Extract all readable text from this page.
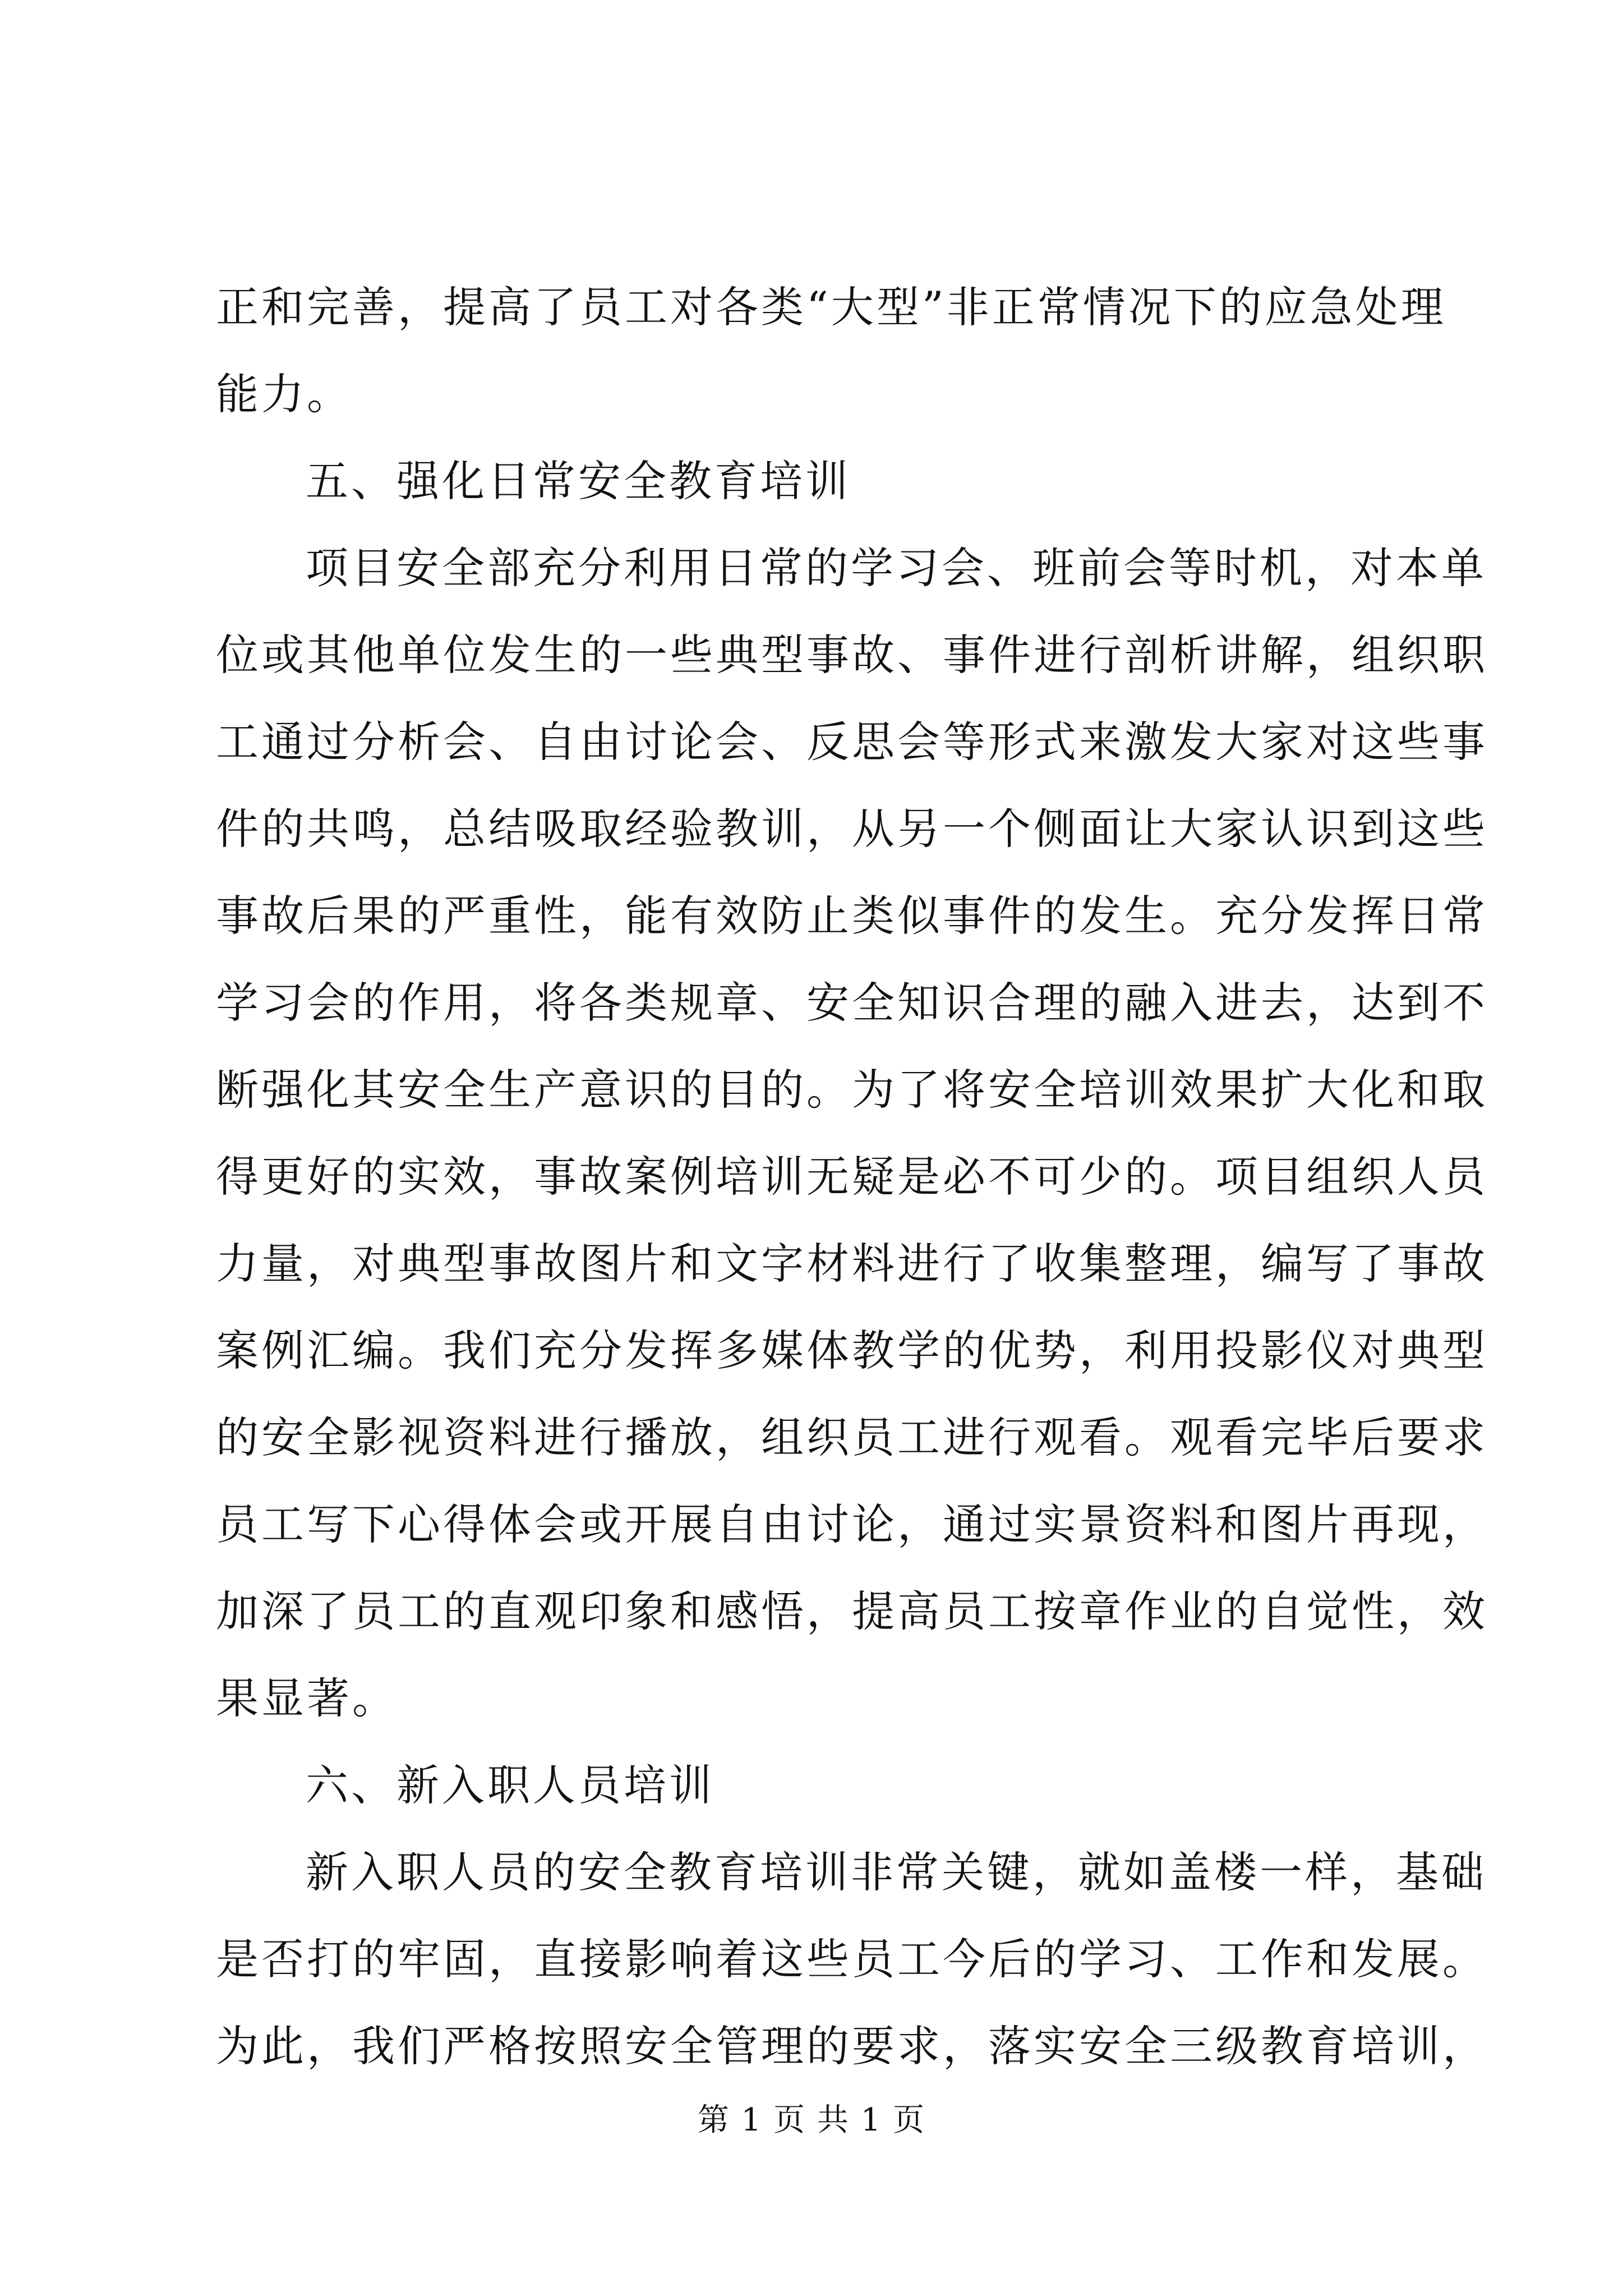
正和完善，提高了员工对各类“大型”非正常情况下的应急处理
能力。
五、强化日常安全教育培训
项目安全部充分利用日常的学习会、班前会等时机，对本单
位或其他单位发生的一些典型事故、事件进行剖析讲解，组织职
工通过分析会、自由讨论会、反思会等形式来激发大家对这些事
件的共鸣，总结吸取经验教训，从另一个侧面让大家认识到这些
事故后果的严重性，能有效防止类似事件的发生。充分发挥日常
学习会的作用，将各类规章、安全知识合理的融入进去，达到不
断强化其安全生产意识的目的。为了将安全培训效果扩大化和取
得更好的实效，事故案例培训无疑是必不可少的。项目组织人员
力量，对典型事故图片和文字材料进行了收集整理，编写了事故
案例汇编。我们充分发挥多媒体教学的优势，利用投影仪对典型
的安全影视资料进行播放，组织员工进行观看。观看完毕后要求
员工写下心得体会或开展自由讨论，通过实景资料和图片再现，
加深了员工的直观印象和感悟，提高员工按章作业的自觉性，效
果显著。
六、新入职人员培训
新入职人员的安全教育培训非常关键，就如盖楼一样，基础
是否打的牢固，直接影响着这些员工今后的学习、工作和发展。
为此，我们严格按照安全管理的要求，落实安全三级教育培训，
第 1 页 共 1 页
